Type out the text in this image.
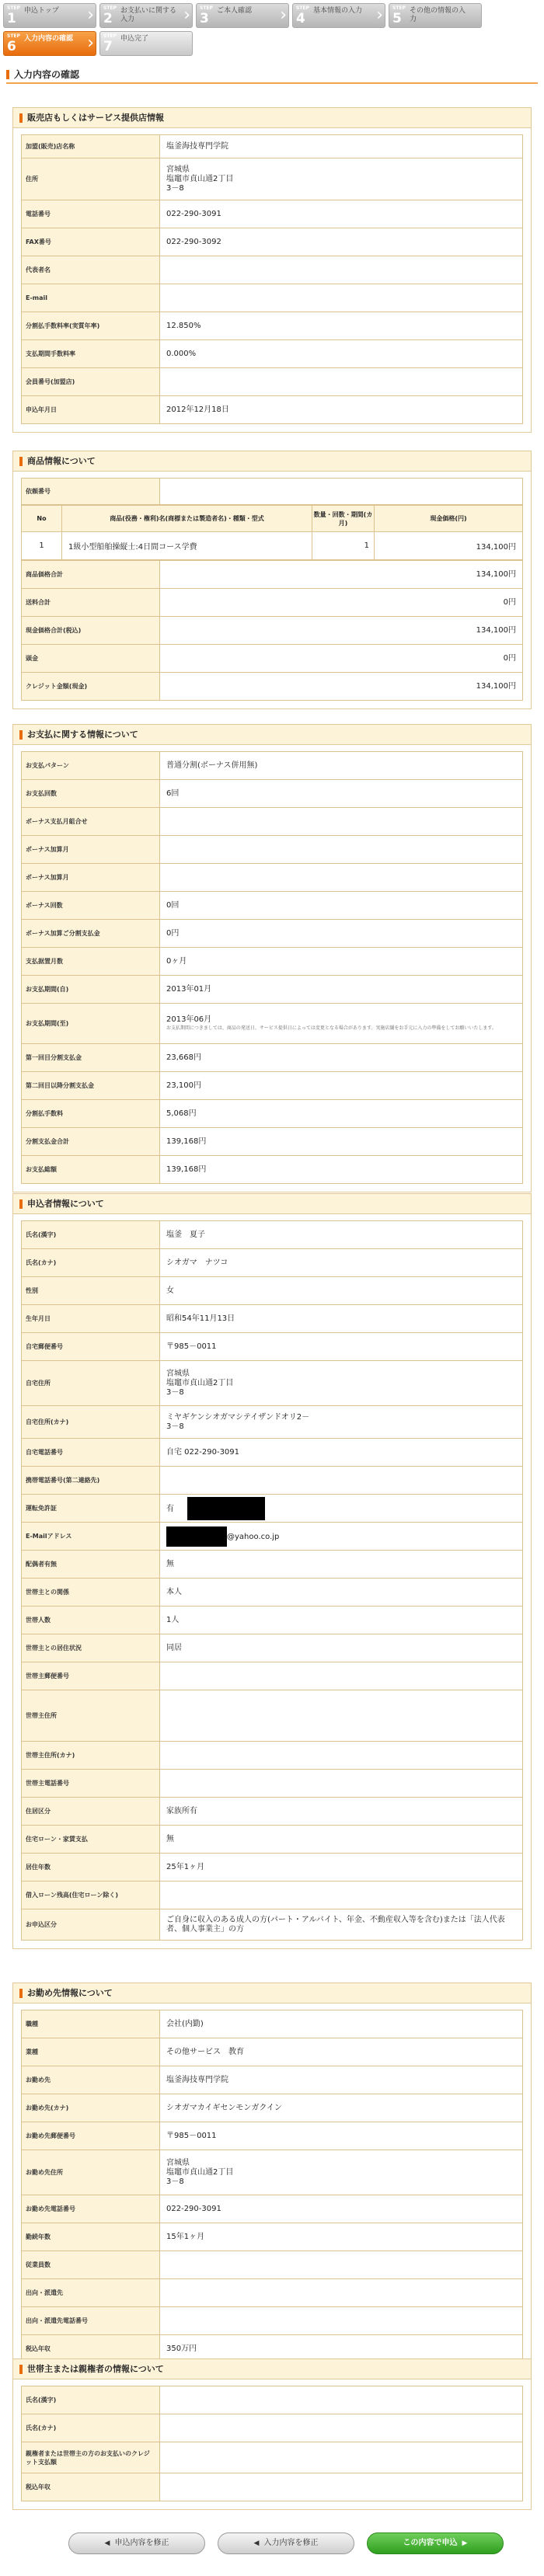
STEP
1 申込トップ	› STEP
2 お支払いに関する入力	› STEP
3 ご本人確認	› STEP
4 基本情報の入力 › STEP
5 その他の情報の入力
STEP
6 入力内容の確認 › STEP
7 申込完了
入力内容の確認
販売店もしくはサービス提供店情報
加盟(販売)店名称	塩釜海技専門学院
住所	宮城県
塩竈市貞山通2丁目
3－8

電話番号	022-290-3091
FAX番号	022-290-3092
代表者名	
E-mail	
分割払手数料率(実質年率)	12.850%
支払期間手数料率	0.000%
会員番号(加盟店)	
申込年月日	2012年12月18日
商品情報について
依頼番号	
No	商品(役務・権利)名(商標または製造者名)・種類・型式	数量・回数・期間(カ月)	現金価格(円)
1	1級小型船舶操縦士:4日間コース学費	1	134,100円
商品価格合計	134,100円
送料合計	0円
現金価格合計(税込)	134,100円
頭金	0円
クレジット金額(現金)	134,100円
お支払に関する情報について
お支払パターン	普通分割(ボーナス併用無)
お支払回数	6回
ボーナス支払月組合せ	
ボーナス加算月	
ボーナス加算月	
ボーナス回数	0回
ボーナス加算ご分割支払金	0円
支払据置月数	0ヶ月
お支払期間(自)	2013年01月
お支払期間(至)	2013年06月
お支払期間につきましては、商品の発送日、サービス提供日によっては変更となる場合があります。実施店舗をお手元に入力の準備をしてお願いいたします。

第一回目分割支払金	23,668円
第二回目以降分割支払金	23,100円
分割払手数料	5,068円
分割支払金合計	139,168円
お支払総額	139,168円
申込者情報について
氏名(漢字)	塩釜　夏子
氏名(カナ)	シオガマ　ナツコ
性別	女
生年月日	昭和54年11月13日
自宅郵便番号	〒985－0011
自宅住所	宮城県
塩竈市貞山通2丁目
3－8

自宅住所(カナ)	ミヤギケンシオガマシテイザンドオリ2－
3－8

自宅電話番号	自宅 022-290-3091
携帯電話番号(第二連絡先)	
運転免許証	有
E-Mailアドレス	@yahoo.co.jp
配偶者有無	無
世帯主との関係	本人
世帯人数	1人
世帯主との居住状況	同居
世帯主郵便番号	
世帯主住所	
世帯主住所(カナ)	
世帯主電話番号	
住居区分	家族所有
住宅ローン・家賃支払	無
居住年数	25年1ヶ月
借入ローン残高(住宅ローン除く)	
お申込区分	ご自身に収入のある成人の方(パート・アルバイト、年金、不動産収入等を含む)または「法人代表者、個人事業主」の方
お勤め先情報について
職種	会社(内勤)
業種	その他サービス　教育
お勤め先	塩釜海技専門学院
お勤め先(カナ)	シオガマカイギセンモンガクイン
お勤め先郵便番号	〒985－0011
お勤め先住所	宮城県
塩竈市貞山通2丁目
3－8

お勤め先電話番号	022-290-3091
勤続年数	15年1ヶ月
従業員数	
出向・派遣先	
出向・派遣先電話番号	
税込年収	350万円
世帯主または親権者の情報について
氏名(漢字)	
氏名(カナ)	
親権者または世帯主の方のお支払いのクレジット支払額	
税込年収	
◀ 申込内容を修正	◀ 入力内容を修正	この内容で申込 ▶
